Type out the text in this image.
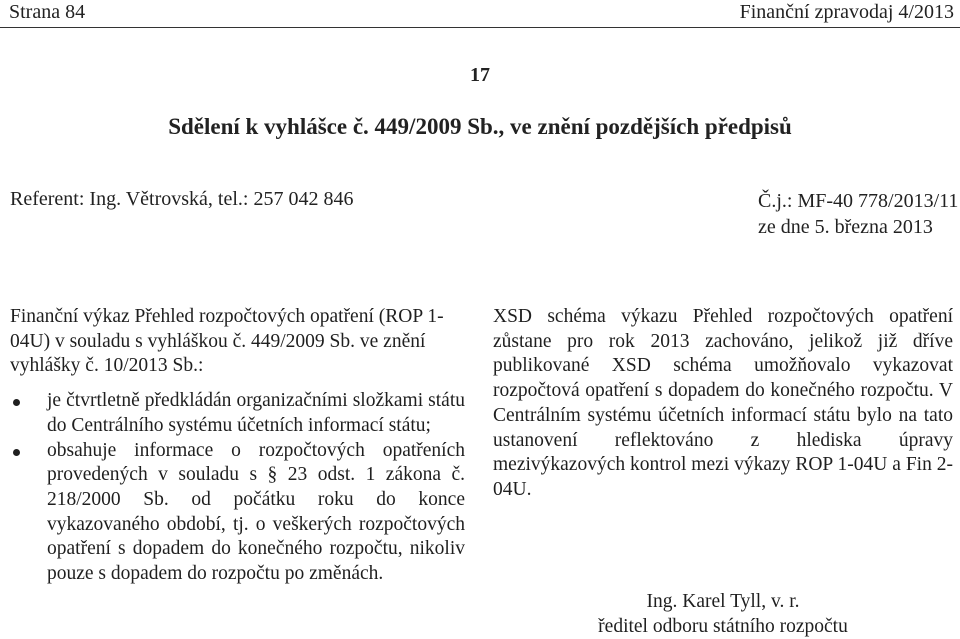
Strana 84	Finanční zpravodaj 4/2013
17
Sdělení k vyhlášce č. 449/2009 Sb., ve znění pozdějších předpisů
Referent: Ing. Větrovská, tel.: 257 042 846	Č.j.: MF-40 778/2013/11
ze dne 5. března 2013

Finanční výkaz Přehled rozpočtových opatření (ROP 1-04U) v souladu s vyhláškou č. 449/2009 Sb. ve znění vyhlášky č. 10/2013 Sb.:

je čtvrtletně předkládán organizačními složkami státu do Centrálního systému účetních informací státu;

obsahuje informace o rozpočtových opatřeních provedených v souladu s § 23 odst. 1 zákona č. 218/2000 Sb. od počátku roku do konce vykazovaného období, tj. o veškerých rozpočtových opatření s dopadem do konečného rozpočtu, nikoliv pouze s dopadem do rozpočtu po změnách.

XSD schéma výkazu Přehled rozpočtových opatření zůstane pro rok 2013 zachováno, jelikož již dříve publikované XSD schéma umožňovalo vykazovat rozpočtová opatření s dopadem do konečného rozpočtu. V Centrálním systému účetních informací státu bylo na tato ustanovení reflektováno z hlediska úpravy mezivýkazových kontrol mezi výkazy ROP 1-04U a Fin 2-04U.

Ing. Karel Tyll, v. r.
ředitel odboru státního rozpočtu
